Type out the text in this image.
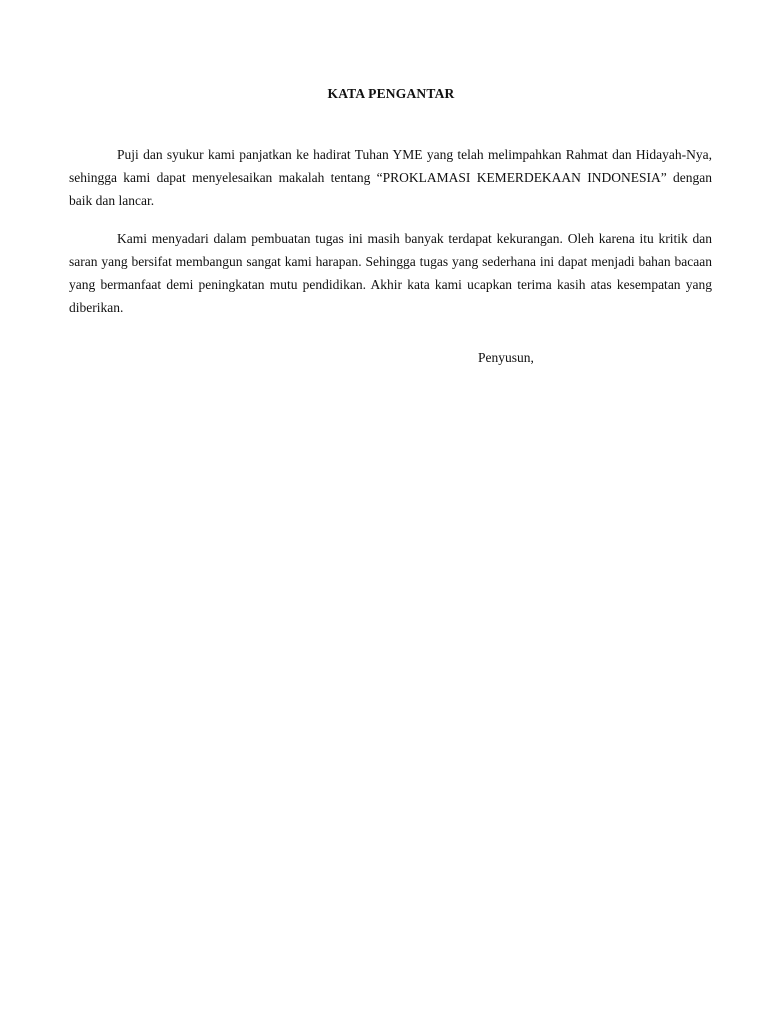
KATA PENGANTAR

Puji dan syukur kami panjatkan ke hadirat Tuhan YME yang telah melimpahkan Rahmat dan Hidayah-Nya, sehingga kami dapat menyelesaikan makalah tentang “PROKLAMASI KEMERDEKAAN INDONESIA” dengan baik dan lancar.

Kami menyadari dalam pembuatan tugas ini masih banyak terdapat kekurangan. Oleh karena itu kritik dan saran yang bersifat membangun sangat kami harapan. Sehingga tugas yang sederhana ini dapat menjadi bahan bacaan yang bermanfaat demi peningkatan mutu pendidikan. Akhir kata kami ucapkan terima kasih atas kesempatan yang diberikan.

Penyusun,
